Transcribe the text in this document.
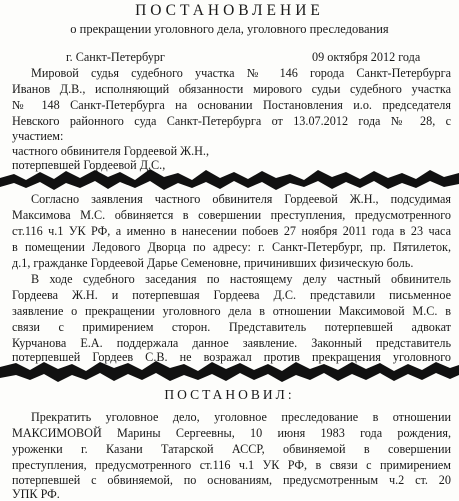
ПОСТАНОВЛЕНИЕ
о прекращении уголовного дела, уголовного преследования
г. Санкт-Петербург	09 октября 2012 года
Мировой судья судебного участка № 146 города Санкт-Петербурга
Иванов Д.В., исполняющий обязанности мирового судьи судебного участка
№ 148 Санкт-Петербурга на основании Постановления и.о. председателя
Невского районного суда Санкт-Петербурга от 13.07.2012 года № 28, с
участием:
частного обвинителя Гордеевой Ж.Н.,
потерпевшей Гордеевой Д.С.,
Согласно заявления частного обвинителя Гордеевой Ж.Н., подсудимая
Максимова М.С. обвиняется в совершении преступления, предусмотренного
ст.116 ч.1 УК РФ, а именно в нанесении побоев 27 ноября 2011 года в 23 часа
в помещении Ледового Дворца по адресу: г. Санкт-Петербург, пр. Пятилеток,
д.1, гражданке Гордеевой Дарье Семеновне, причинивших физическую боль.
В ходе судебного заседания по настоящему делу частный обвинитель
Гордеева Ж.Н. и потерпевшая Гордеева Д.С. представили письменное
заявление о прекращении уголовного дела в отношении Максимовой М.С. в
связи с примирением сторон. Представитель потерпевшей адвокат
Курчанова Е.А. поддержала данное заявление. Законный представитель
потерпевшей Гордеев С.В. не возражал против прекращения уголовного
ПОСТАНОВИЛ:
Прекратить уголовное дело, уголовное преследование в отношении
МАКСИМОВОЙ Марины Сергеевны, 10 июня 1983 года рождения,
уроженки г. Казани Татарской АССР, обвиняемой в совершении
преступления, предусмотренного ст.116 ч.1 УК РФ, в связи с примирением
потерпевшей с обвиняемой, по основаниям, предусмотренным ч.2 ст. 20
УПК РФ.
